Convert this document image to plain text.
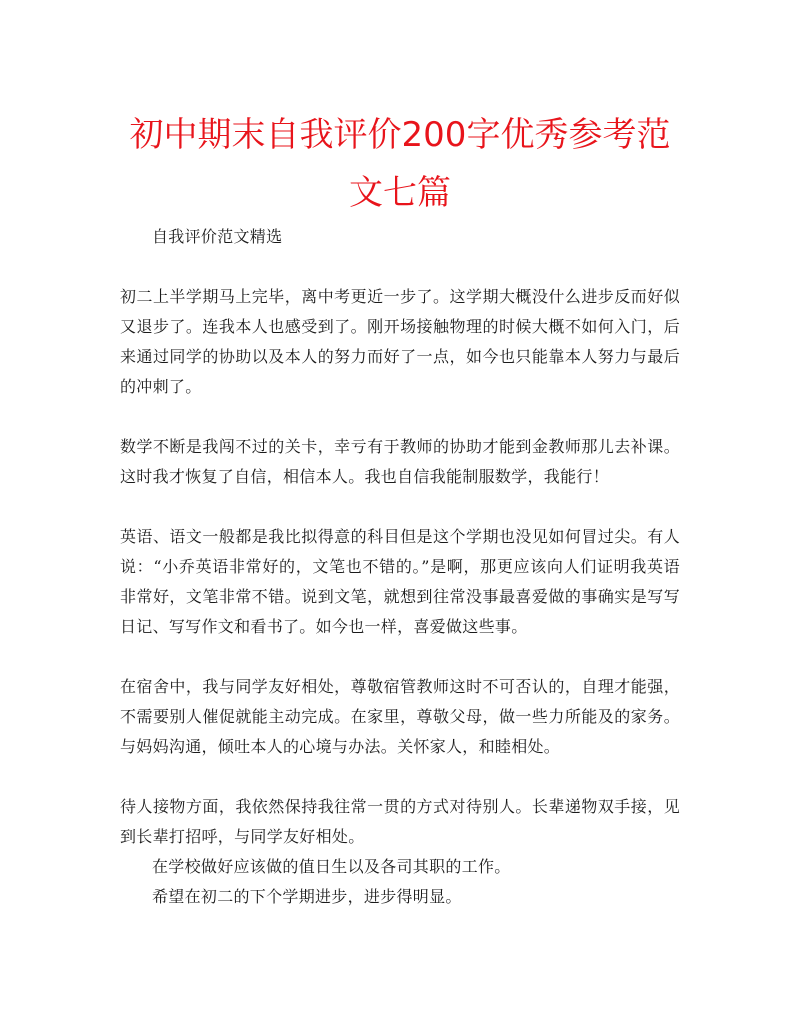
初中期末自我评价200字优秀参考范文七篇

自我评价范文精选

初二上半学期马上完毕，离中考更近一步了。这学期大概没什么进步反而好似又退步了。连我本人也感受到了。刚开场接触物理的时候大概不如何入门，后来通过同学的协助以及本人的努力而好了一点，如今也只能靠本人努力与最后的冲刺了。

数学不断是我闯不过的关卡，幸亏有于教师的协助才能到金教师那儿去补课。这时我才恢复了自信，相信本人。我也自信我能制服数学，我能行！

英语、语文一般都是我比拟得意的科目但是这个学期也没见如何冒过尖。有人说：“小乔英语非常好的，文笔也不错的。”是啊，那更应该向人们证明我英语非常好，文笔非常不错。说到文笔，就想到往常没事最喜爱做的事确实是写写日记、写写作文和看书了。如今也一样，喜爱做这些事。

在宿舍中，我与同学友好相处，尊敬宿管教师这时不可否认的，自理才能强，不需要别人催促就能主动完成。在家里，尊敬父母，做一些力所能及的家务。与妈妈沟通，倾吐本人的心境与办法。关怀家人，和睦相处。

待人接物方面，我依然保持我往常一贯的方式对待别人。长辈递物双手接，见到长辈打招呼，与同学友好相处。

在学校做好应该做的值日生以及各司其职的工作。

希望在初二的下个学期进步，进步得明显。
